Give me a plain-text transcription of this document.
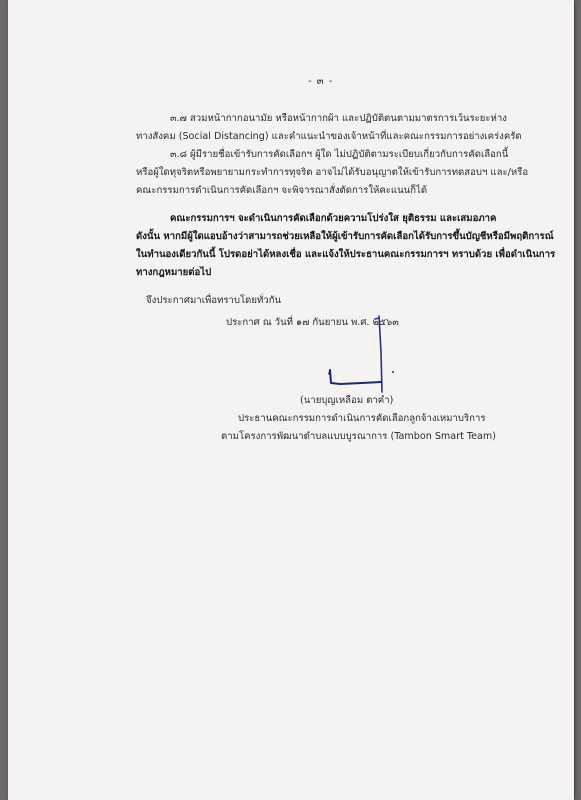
- ๓ -
๓.๗ สวมหน้ากากอนามัย หรือหน้ากากผ้า และปฏิบัติตนตามมาตรการเว้นระยะห่าง
ทางสังคม (Social Distancing) และคำแนะนำของเจ้าหน้าที่และคณะกรรมการอย่างเคร่งครัด
๓.๘ ผู้มีรายชื่อเข้ารับการคัดเลือกฯ ผู้ใด ไม่ปฏิบัติตามระเบียบเกี่ยวกับการคัดเลือกนี้
หรือผู้ใดทุจริตหรือพยายามกระทำการทุจริต อาจไม่ได้รับอนุญาตให้เข้ารับการทดสอบฯ และ/หรือ
คณะกรรมการดำเนินการคัดเลือกฯ จะพิจารณาสั่งตัดการให้คะแนนก็ได้
คณะกรรมการฯ จะดำเนินการคัดเลือกด้วยความโปร่งใส ยุติธรรม และเสมอภาค
ดังนั้น หากมีผู้ใดแอบอ้างว่าสามารถช่วยเหลือให้ผู้เข้ารับการคัดเลือกได้รับการขึ้นบัญชีหรือมีพฤติการณ์
ในทำนองเดียวกันนี้ โปรดอย่าได้หลงเชื่อ และแจ้งให้ประธานคณะกรรมการฯ ทราบด้วย เพื่อดำเนินการ
ทางกฎหมายต่อไป
จึงประกาศมาเพื่อทราบโดยทั่วกัน
ประกาศ ณ วันที่ ๑๗ กันยายน พ.ศ. ๒๕๖๓
(นายบุญเหลือม ตาคำ)
ประธานคณะกรรมการดำเนินการคัดเลือกลูกจ้างเหมาบริการ
ตามโครงการพัฒนาตำบลแบบบูรณาการ (Tambon Smart Team)
